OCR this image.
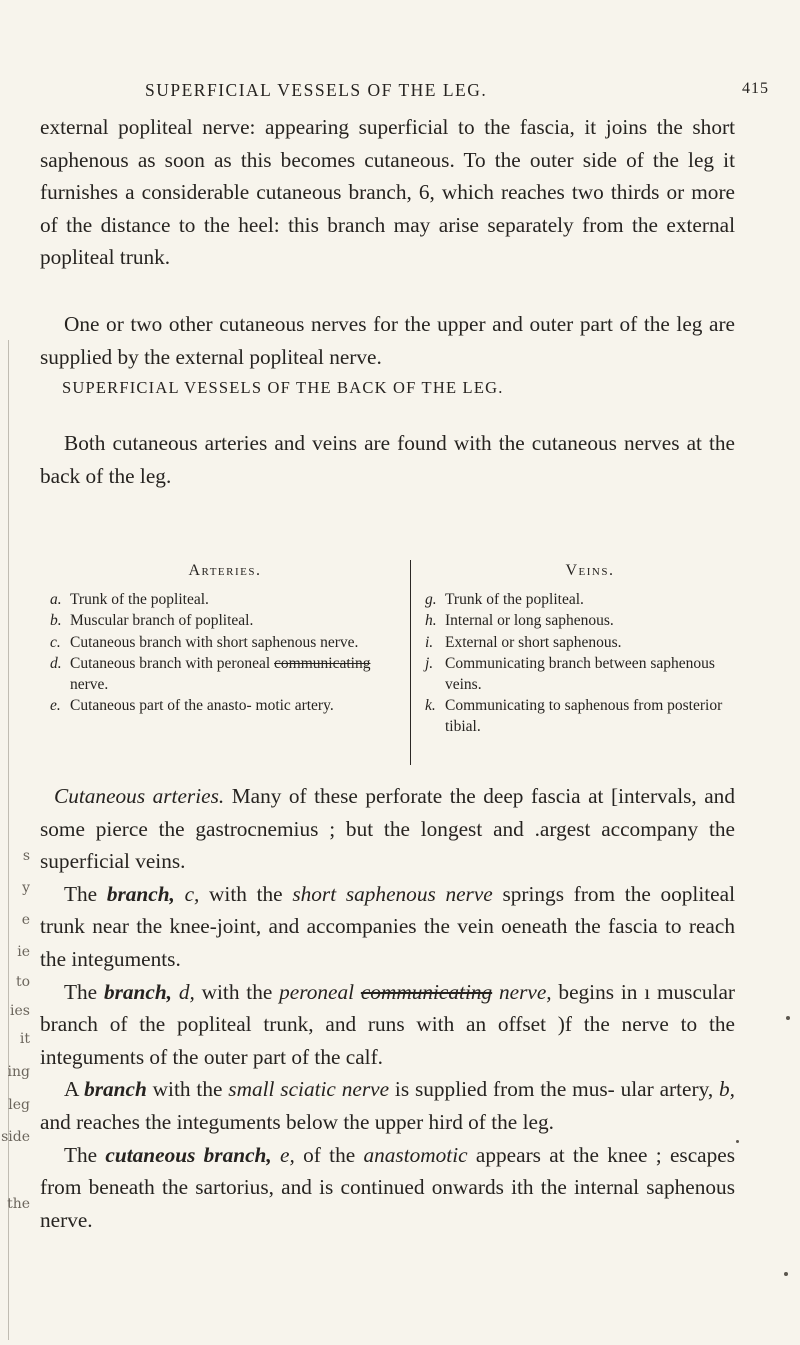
s
y
e
ie
to
ies
it
ing
leg
side
the
SUPERFICIAL VESSELS OF THE LEG.	415

external popliteal nerve: appearing superficial to the fascia, it joins the short saphenous as soon as this becomes cutaneous. To the outer side of the leg it furnishes a considerable cutaneous branch, 6, which reaches two thirds or more of the distance to the heel: this branch may arise separately from the external popliteal trunk.

One or two other cutaneous nerves for the upper and outer part of the leg are supplied by the external popliteal nerve.

SUPERFICIAL VESSELS OF THE BACK OF THE LEG.

Both cutaneous arteries and veins are found with the cutaneous nerves at the back of the leg.

Arteries.
a. Trunk of the popliteal.
b. Muscular branch of popliteal.
c. Cutaneous branch with short saphenous nerve.
d. Cutaneous branch with peroneal communicating nerve.
e. Cutaneous part of the anasto- motic artery.
Veins.
g. Trunk of the popliteal.
h. Internal or long saphenous.
i. External or short saphenous.
j. Communicating branch between saphenous veins.
k. Communicating to saphenous from posterior tibial.

Cutaneous arteries. Many of these perforate the deep fascia at [intervals, and some pierce the gastrocnemius ; but the longest and .argest accompany the superficial veins.

The branch, c, with the short saphenous nerve springs from the oopliteal trunk near the knee-joint, and accompanies the vein oeneath the fascia to reach the integuments.

The branch, d, with the peroneal communicating nerve, begins in ı muscular branch of the popliteal trunk, and runs with an offset )f the nerve to the integuments of the outer part of the calf.

A branch with the small sciatic nerve is supplied from the mus- ular artery, b, and reaches the integuments below the upper hird of the leg.

The cutaneous branch, e, of the anastomotic appears at the knee ; escapes from beneath the sartorius, and is continued onwards ith the internal saphenous nerve.
